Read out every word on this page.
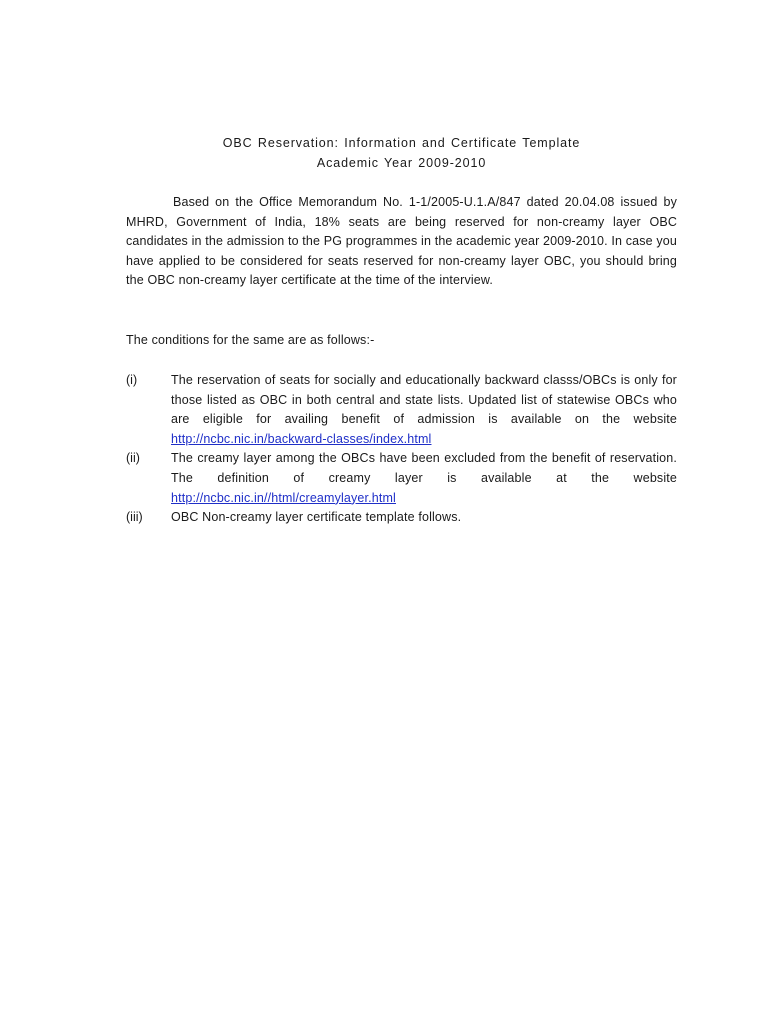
OBC Reservation: Information and Certificate Template
Academic Year 2009-2010

Based on the Office Memorandum No. 1-1/2005-U.1.A/847 dated 20.04.08 issued by MHRD, Government of India, 18% seats are being reserved for non-creamy layer OBC candidates in the admission to the PG programmes in the academic year 2009-2010. In case you have applied to be considered for seats reserved for non-creamy layer OBC, you should bring the OBC non-creamy layer certificate at the time of the interview.

The conditions for the same are as follows:-

(i)	The reservation of seats for socially and educationally backward classs/OBCs is only for those listed as OBC in both central and state lists. Updated list of statewise OBCs who are eligible for availing benefit of admission is available on the website http://ncbc.nic.in/backward-classes/index.html
(ii) The creamy layer among the OBCs have been excluded from the benefit of reservation. The definition of creamy layer is available at the website http://ncbc.nic.in//html/creamylayer.html
(iii) OBC Non-creamy layer certificate template follows.
